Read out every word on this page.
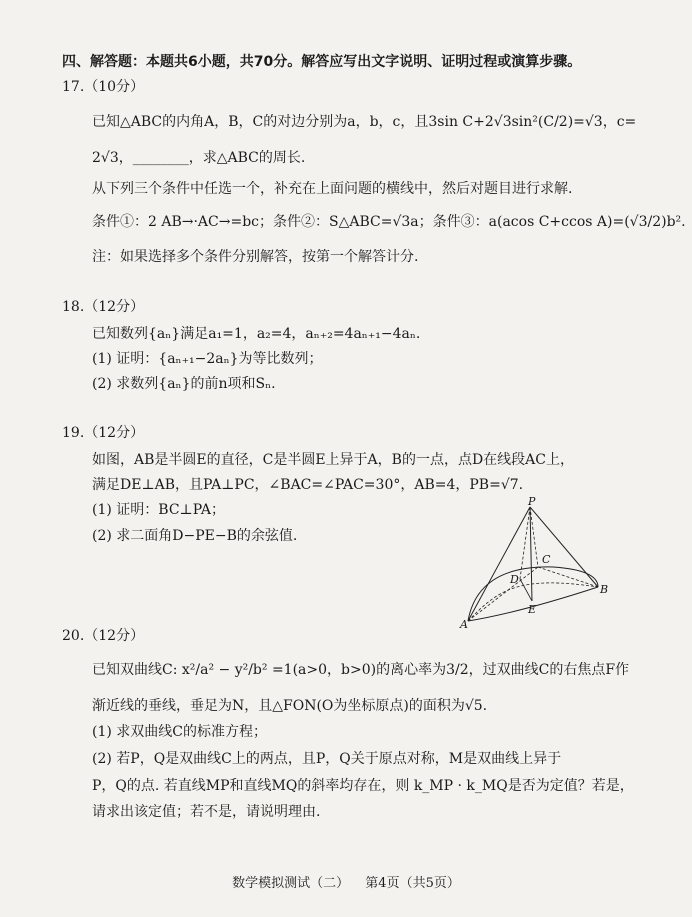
四、解答题：本题共6小题，共70分。解答应写出文字说明、证明过程或演算步骤。
17.（10分）
已知△ABC的内角A，B，C的对边分别为a，b，c，且3sin C+2√3sin²(C/2)=√3，c=
2√3，________，求△ABC的周长.
从下列三个条件中任选一个，补充在上面问题的横线中，然后对题目进行求解.
条件①：2 AB→·AC→=bc；条件②：S△ABC=√3a；条件③：a(acos C+ccos A)=(√3/2)b².
注：如果选择多个条件分别解答，按第一个解答计分.
18.（12分）
已知数列{aₙ}满足a₁=1，a₂=4，aₙ₊₂=4aₙ₊₁−4aₙ.
(1) 证明：{aₙ₊₁−2aₙ}为等比数列；
(2) 求数列{aₙ}的前n项和Sₙ.
19.（12分）
如图，AB是半圆E的直径，C是半圆E上异于A，B的一点，点D在线段AC上，
满足DE⊥AB，且PA⊥PC，∠BAC=∠PAC=30°，AB=4，PB=√7.
(1) 证明：BC⊥PA；
(2) 求二面角D−PE−B的余弦值.
P
A
B
C
D
E
20.（12分）
已知双曲线C: x²/a² − y²/b² =1(a>0，b>0)的离心率为3/2，过双曲线C的右焦点F作
渐近线的垂线，垂足为N，且△FON(O为坐标原点)的面积为√5.
(1) 求双曲线C的标准方程；
(2) 若P，Q是双曲线C上的两点，且P，Q关于原点对称，M是双曲线上异于
P，Q的点. 若直线MP和直线MQ的斜率均存在，则 k_MP · k_MQ是否为定值？若是，
请求出该定值；若不是，请说明理由.
数学模拟测试（二） 第4页（共5页）
